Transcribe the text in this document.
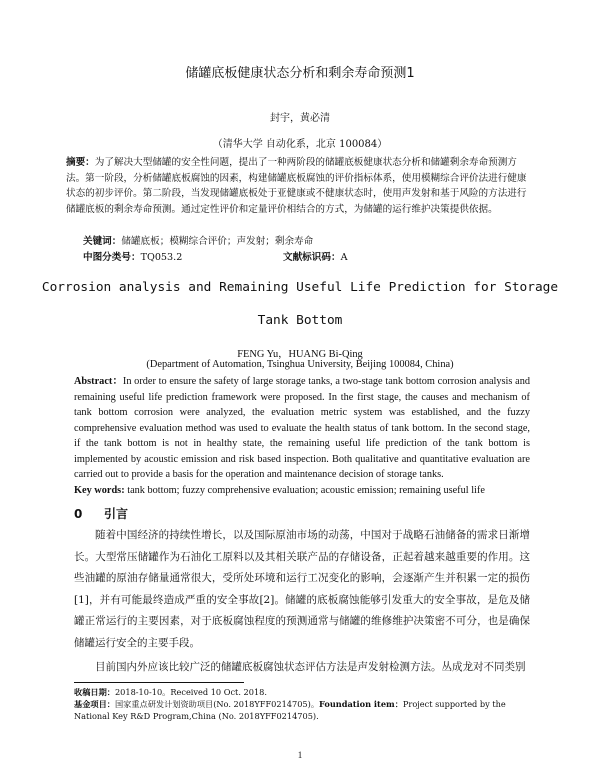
储罐底板健康状态分析和剩余寿命预测1
封宇，黄必清
（清华大学 自动化系，北京 100084）
摘要：为了解决大型储罐的安全性问题，提出了一种两阶段的储罐底板健康状态分析和储罐剩余寿命预测方法。第一阶段，分析储罐底板腐蚀的因素，构建储罐底板腐蚀的评价指标体系，使用模糊综合评价法进行健康状态的初步评价。第二阶段，当发现储罐底板处于亚健康或不健康状态时，使用声发射和基于风险的方法进行储罐底板的剩余寿命预测。通过定性评价和定量评价相结合的方式，为储罐的运行维护决策提供依据。
关键词：储罐底板；模糊综合评价；声发射；剩余寿命
中图分类号：TQ053.2	文献标识码：A
Corrosion analysis and Remaining Useful Life Prediction for Storage
Tank Bottom
FENG Yu，HUANG Bi-Qing
(Department of Automation, Tsinghua University, Beijing 100084, China)
Abstract：In order to ensure the safety of large storage tanks, a two-stage tank bottom corrosion analysis and remaining useful life prediction framework were proposed. In the first stage, the causes and mechanism of tank bottom corrosion were analyzed, the evaluation metric system was established, and the fuzzy comprehensive evaluation method was used to evaluate the health status of tank bottom. In the second stage, if the tank bottom is not in healthy state, the remaining useful life prediction of the tank bottom is implemented by acoustic emission and risk based inspection. Both qualitative and quantitative evaluation are carried out to provide a basis for the operation and maintenance decision of storage tanks.
Key words: tank bottom; fuzzy comprehensive evaluation; acoustic emission; remaining useful life
0 引言

随着中国经济的持续性增长，以及国际原油市场的动荡，中国对于战略石油储备的需求日渐增长。大型常压储罐作为石油化工原料以及其相关联产品的存储设备，正起着越来越重要的作用。这些油罐的原油存储量通常很大，受所处环境和运行工况变化的影响，会逐渐产生并积累一定的损伤[1]，并有可能最终造成严重的安全事故[2]。储罐的底板腐蚀能够引发重大的安全事故，是危及储罐正常运行的主要因素，对于底板腐蚀程度的预测通常与储罐的维修维护决策密不可分，也是确保储罐运行安全的主要手段。

目前国内外应该比较广泛的储罐底板腐蚀状态评估方法是声发射检测方法。丛成龙对不同类别

收稿日期：2018-10-10。Received 10 Oct. 2018.
基金项目：国家重点研发计划资助项目(No. 2018YFF0214705)。Foundation item：Project supported by the National Key R&D Program,China (No. 2018YFF0214705).
1
